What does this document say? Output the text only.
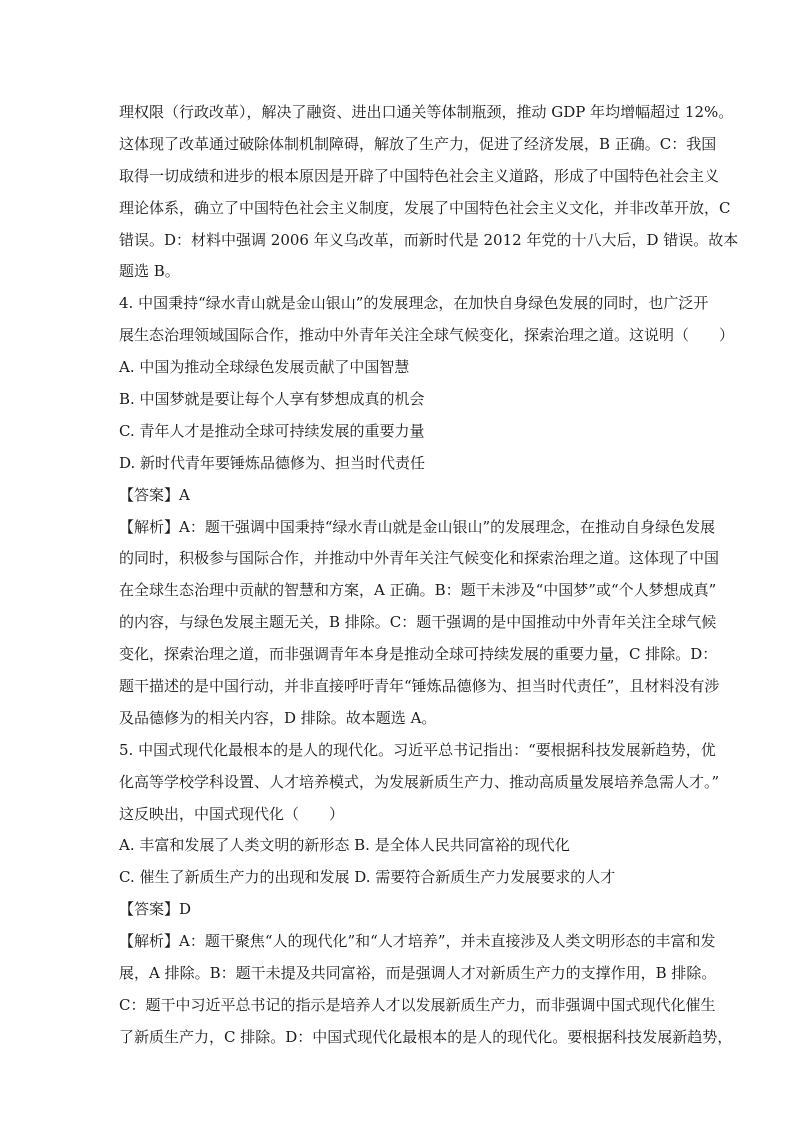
理权限（行政改革），解决了融资、进出口通关等体制瓶颈，推动 GDP 年均增幅超过 12%。
这体现了改革通过破除体制机制障碍，解放了生产力，促进了经济发展，B 正确。C：我国
取得一切成绩和进步的根本原因是开辟了中国特色社会主义道路，形成了中国特色社会主义
理论体系，确立了中国特色社会主义制度，发展了中国特色社会主义文化，并非改革开放，C
错误。D：材料中强调 2006 年义乌改革，而新时代是 2012 年党的十八大后，D 错误。故本
题选 B。
4. 中国秉持“绿水青山就是金山银山”的发展理念，在加快自身绿色发展的同时，也广泛开
展生态治理领域国际合作，推动中外青年关注全球气候变化，探索治理之道。这说明（　　）
A. 中国为推动全球绿色发展贡献了中国智慧
B. 中国梦就是要让每个人享有梦想成真的机会
C. 青年人才是推动全球可持续发展的重要力量
D. 新时代青年要锤炼品德修为、担当时代责任
【答案】A
【解析】A：题干强调中国秉持“绿水青山就是金山银山”的发展理念，在推动自身绿色发展
的同时，积极参与国际合作，并推动中外青年关注气候变化和探索治理之道。这体现了中国
在全球生态治理中贡献的智慧和方案，A 正确。B：题干未涉及“中国梦”或“个人梦想成真”
的内容，与绿色发展主题无关，B 排除。C：题干强调的是中国推动中外青年关注全球气候
变化，探索治理之道，而非强调青年本身是推动全球可持续发展的重要力量，C 排除。D：
题干描述的是中国行动，并非直接呼吁青年“锤炼品德修为、担当时代责任”，且材料没有涉
及品德修为的相关内容，D 排除。故本题选 A。
5. 中国式现代化最根本的是人的现代化。习近平总书记指出：“要根据科技发展新趋势，优
化高等学校学科设置、人才培养模式，为发展新质生产力、推动高质量发展培养急需人才。”
这反映出，中国式现代化（　　）
A. 丰富和发展了人类文明的新形态 B. 是全体人民共同富裕的现代化
C. 催生了新质生产力的出现和发展 D. 需要符合新质生产力发展要求的人才
【答案】D
【解析】A：题干聚焦“人的现代化”和“人才培养”，并未直接涉及人类文明形态的丰富和发
展，A 排除。B：题干未提及共同富裕，而是强调人才对新质生产力的支撑作用，B 排除。
C：题干中习近平总书记的指示是培养人才以发展新质生产力，而非强调中国式现代化催生
了新质生产力，C 排除。D：中国式现代化最根本的是人的现代化。要根据科技发展新趋势，
